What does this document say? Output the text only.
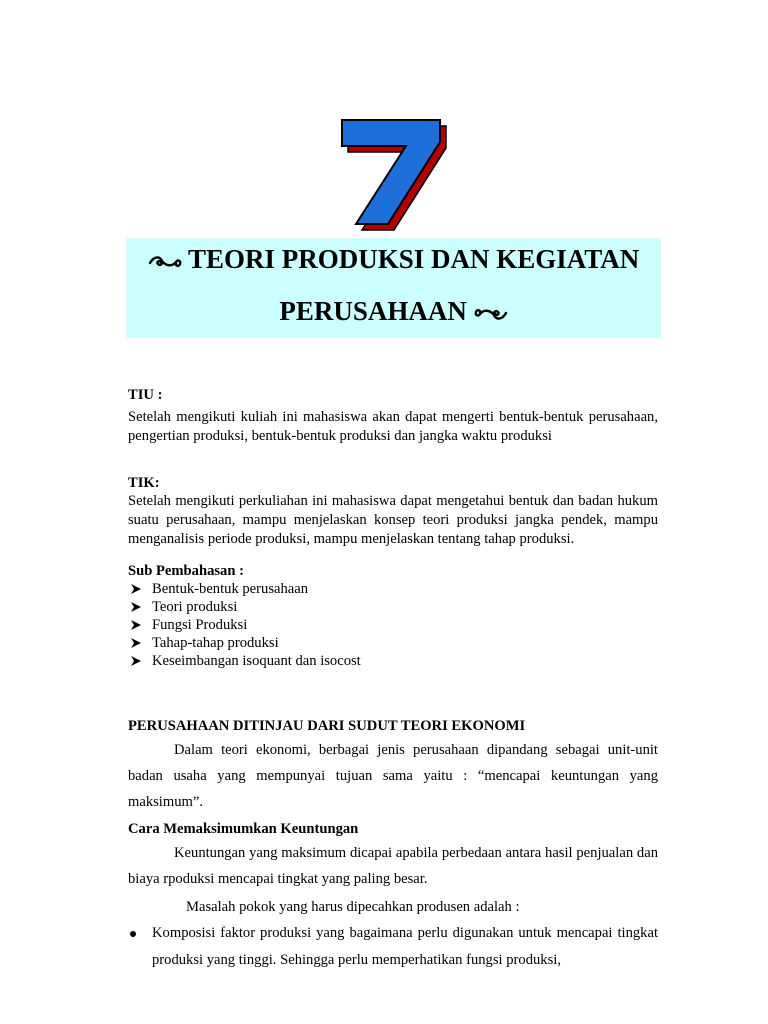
TEORI PRODUKSI DAN KEGIATAN
PERUSAHAAN

TIU :

Setelah mengikuti kuliah ini mahasiswa akan dapat mengerti bentuk-bentuk perusahaan, pengertian produksi, bentuk-bentuk produksi dan jangka waktu produksi

TIK:

Setelah mengikuti perkuliahan ini mahasiswa dapat mengetahui bentuk dan badan hukum suatu perusahaan, mampu menjelaskan konsep teori produksi jangka pendek, mampu menganalisis periode produksi, mampu menjelaskan tentang tahap produksi.

Sub Pembahasan :

Bentuk-bentuk perusahaan
Teori produksi
Fungsi Produksi
Tahap-tahap produksi
Keseimbangan isoquant dan isocost

PERUSAHAAN DITINJAU DARI SUDUT TEORI EKONOMI

Dalam teori ekonomi, berbagai jenis perusahaan dipandang sebagai unit-unit badan usaha yang mempunyai tujuan sama yaitu : “mencapai keuntungan yang maksimum”.

Cara Memaksimumkan Keuntungan

Keuntungan yang maksimum dicapai apabila perbedaan antara hasil penjualan dan biaya rpoduksi mencapai tingkat yang paling besar.

Masalah pokok yang harus dipecahkan produsen adalah :

Komposisi faktor produksi yang bagaimana perlu digunakan untuk mencapai tingkat produksi yang tinggi. Sehingga perlu memperhatikan fungsi produksi,
